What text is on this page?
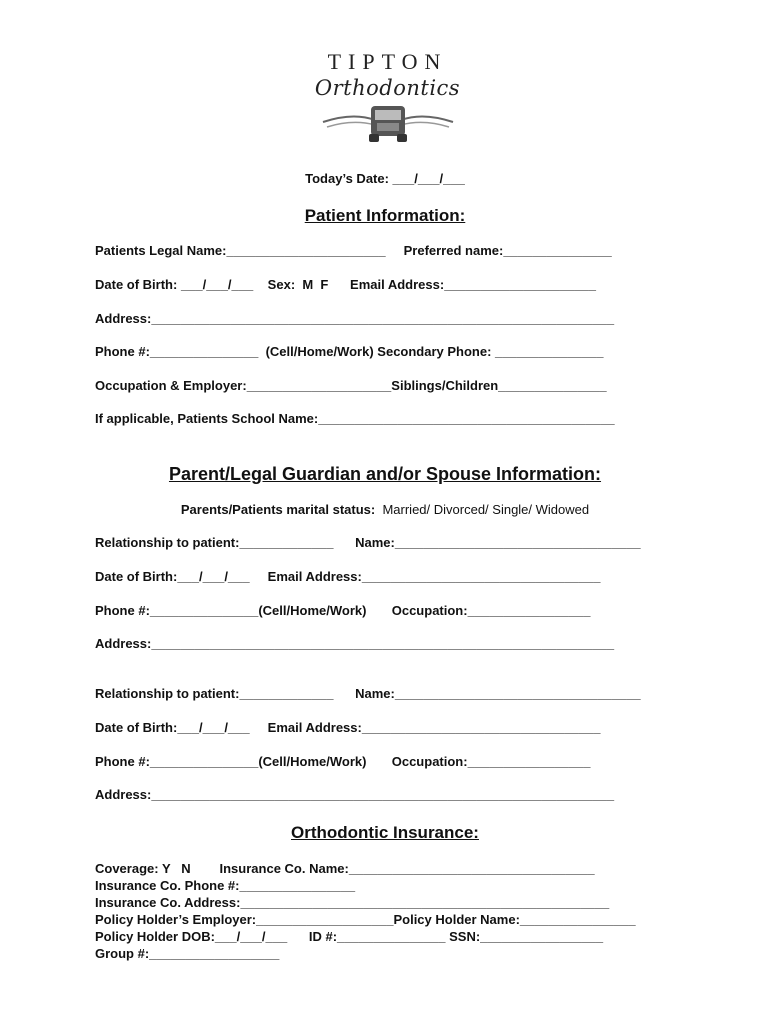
TIPTON
Orthodontics
Today’s Date: ___/___/___
Patient Information:
Patients Legal Name:______________________     Preferred name:_______________
Date of Birth: ___/___/___    Sex:  M  F      Email Address:_____________________
Address:________________________________________________________________
Phone #:_______________  (Cell/Home/Work) Secondary Phone: _______________
Occupation & Employer:____________________Siblings/Children_______________
If applicable, Patients School Name:_________________________________________
Parent/Legal Guardian and/or Spouse Information:
Parents/Patients marital status: Married/ Divorced/ Single/ Widowed
Relationship to patient:_____________      Name:__________________________________
Date of Birth:___/___/___     Email Address:_________________________________
Phone #:_______________(Cell/Home/Work)       Occupation:_________________
Address:________________________________________________________________
Relationship to patient:_____________      Name:__________________________________
Date of Birth:___/___/___     Email Address:_________________________________
Phone #:_______________(Cell/Home/Work)       Occupation:_________________
Address:________________________________________________________________
Orthodontic Insurance:
Coverage: Y   N        Insurance Co. Name:__________________________________
Insurance Co. Phone #:________________
Insurance Co. Address:___________________________________________________
Policy Holder’s Employer:___________________Policy Holder Name:________________
Policy Holder DOB:___/___/___      ID #:_______________ SSN:_________________
Group #:__________________
